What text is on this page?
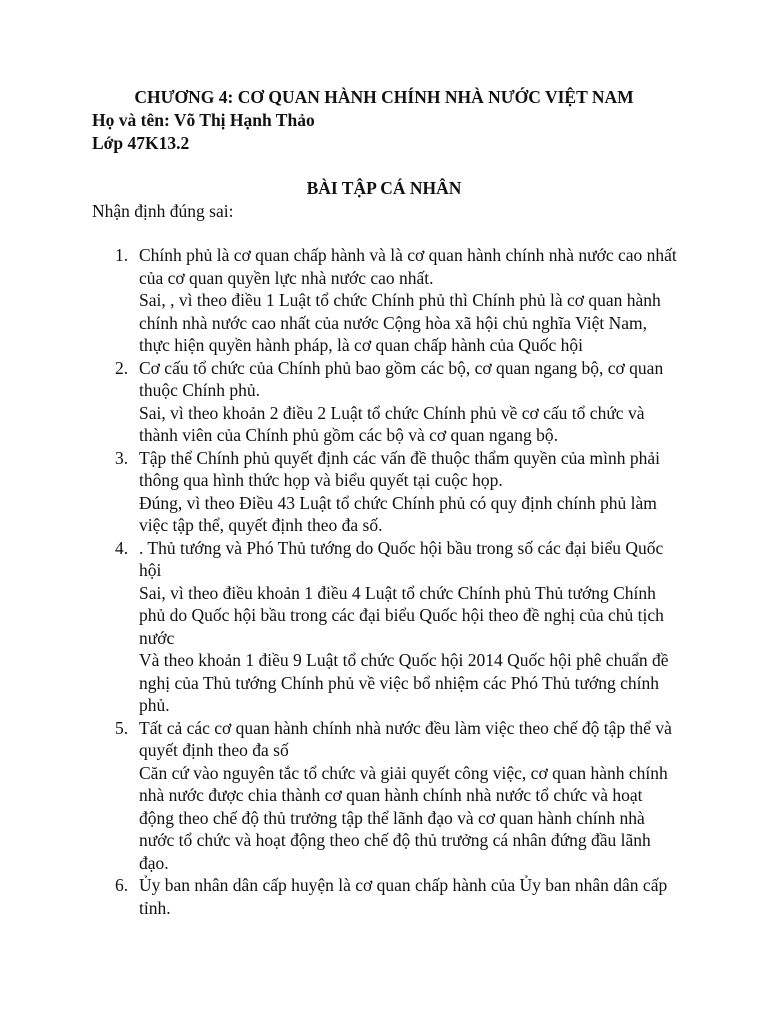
CHƯƠNG 4: CƠ QUAN HÀNH CHÍNH NHÀ NƯỚC VIỆT NAM

Họ và tên: Võ Thị Hạnh Thảo

Lớp 47K13.2

BÀI TẬP CÁ NHÂN

Nhận định đúng sai:

1. Chính phủ là cơ quan chấp hành và là cơ quan hành chính nhà nước cao nhất của cơ quan quyền lực nhà nước cao nhất.

Sai, , vì theo điều 1 Luật tổ chức Chính phủ thì Chính phủ là cơ quan hành chính nhà nước cao nhất của nước Cộng hòa xã hội chủ nghĩa Việt Nam, thực hiện quyền hành pháp, là cơ quan chấp hành của Quốc hội

2. Cơ cấu tổ chức của Chính phủ bao gồm các bộ, cơ quan ngang bộ, cơ quan thuộc Chính phủ.

Sai, vì theo khoản 2 điều 2 Luật tổ chức Chính phủ về cơ cấu tổ chức và thành viên của Chính phủ gồm các bộ và cơ quan ngang bộ.

3. Tập thể Chính phủ quyết định các vấn đề thuộc thẩm quyền của mình phải thông qua hình thức họp và biểu quyết tại cuộc họp.

Đúng, vì theo Điều 43 Luật tổ chức Chính phủ có quy định chính phủ làm việc tập thể, quyết định theo đa số.

4. . Thủ tướng và Phó Thủ tướng do Quốc hội bầu trong số các đại biểu Quốc hội

Sai, vì theo điều khoản 1 điều 4 Luật tổ chức Chính phủ Thủ tướng Chính phủ do Quốc hội bầu trong các đại biểu Quốc hội theo đề nghị của chủ tịch nước

Và theo khoản 1 điều 9 Luật tổ chức Quốc hội 2014 Quốc hội phê chuẩn đề nghị của Thủ tướng Chính phủ về việc bổ nhiệm các Phó Thủ tướng chính phủ.

5. Tất cả các cơ quan hành chính nhà nước đều làm việc theo chế độ tập thể và quyết định theo đa số

Căn cứ vào nguyên tắc tổ chức và giải quyết công việc, cơ quan hành chính nhà nước được chia thành cơ quan hành chính nhà nước tổ chức và hoạt động theo chế độ thủ trưởng tập thể lãnh đạo và cơ quan hành chính nhà nước tổ chức và hoạt động theo chế độ thủ trưởng cá nhân đứng đầu lãnh đạo.

6. Ủy ban nhân dân cấp huyện là cơ quan chấp hành của Ủy ban nhân dân cấp tỉnh.
